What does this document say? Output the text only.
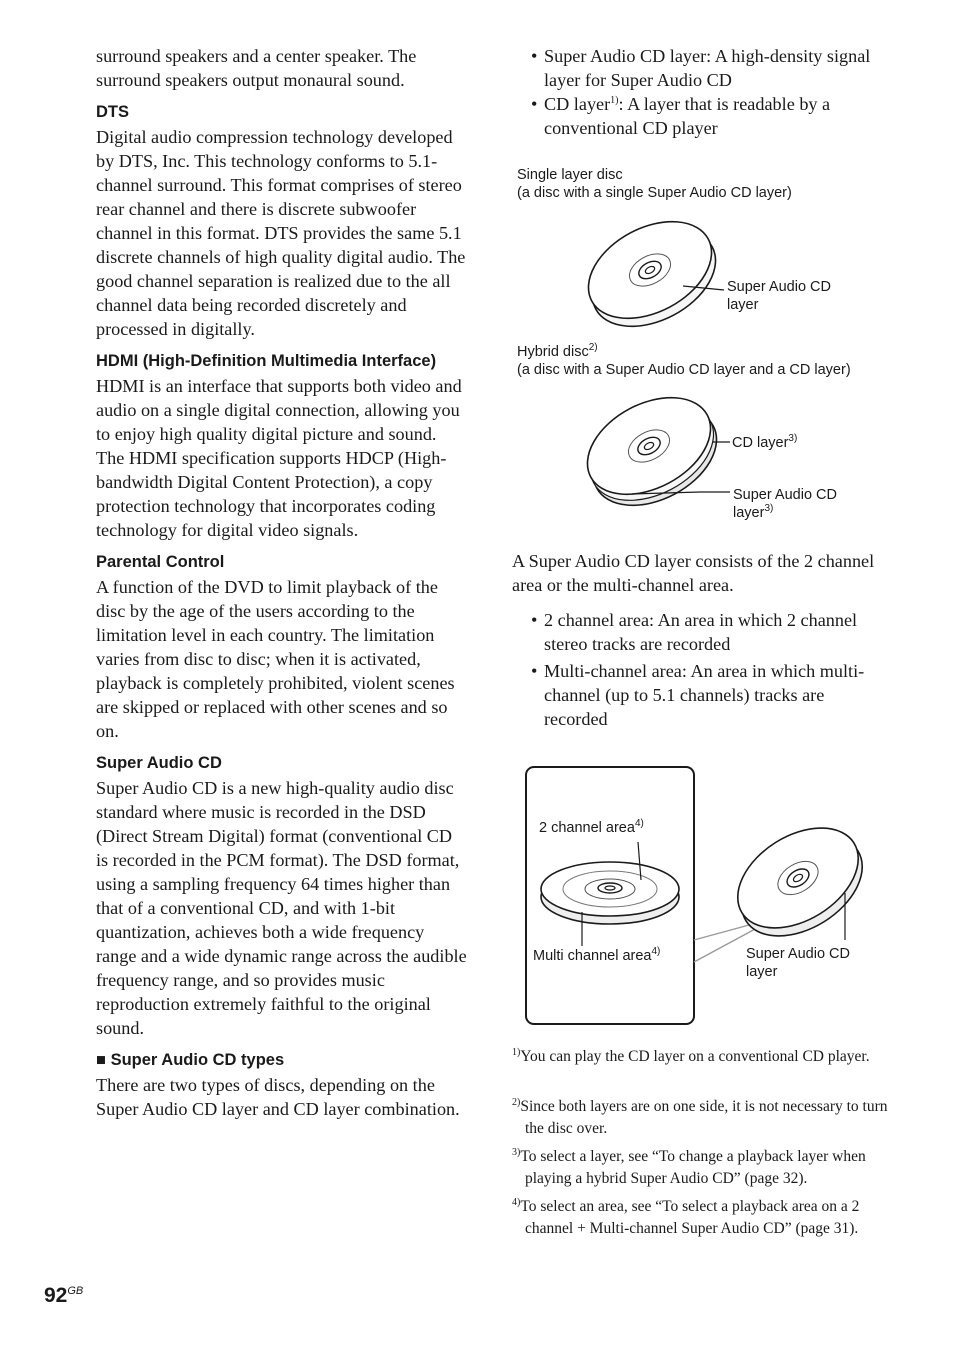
surround speakers and a center speaker. The surround speakers output monaural sound.

DTS

Digital audio compression technology developed by DTS, Inc. This technology conforms to 5.1-channel surround. This format comprises of stereo rear channel and there is discrete subwoofer channel in this format. DTS provides the same 5.1 discrete channels of high quality digital audio. The good channel separation is realized due to the all channel data being recorded discretely and processed in digitally.

HDMI (High-Definition Multimedia Interface)

HDMI is an interface that supports both video and audio on a single digital connection, allowing you to enjoy high quality digital picture and sound. The HDMI specification supports HDCP (High-bandwidth Digital Content Protection), a copy protection technology that incorporates coding technology for digital video signals.

Parental Control

A function of the DVD to limit playback of the disc by the age of the users according to the limitation level in each country. The limitation varies from disc to disc; when it is activated, playback is completely prohibited, violent scenes are skipped or replaced with other scenes and so on.

Super Audio CD

Super Audio CD is a new high-quality audio disc standard where music is recorded in the DSD (Direct Stream Digital) format (conventional CD is recorded in the PCM format). The DSD format, using a sampling frequency 64 times higher than that of a conventional CD, and with 1-bit quantization, achieves both a wide frequency range and a wide dynamic range across the audible frequency range, and so provides music reproduction extremely faithful to the original sound.

■ Super Audio CD types

There are two types of discs, depending on the Super Audio CD layer and CD layer combination.

• Super Audio CD layer: A high-density signal layer for Super Audio CD
• CD layer$^{1)}$: A layer that is readable by a conventional CD player
Single layer disc
(a disc with a single Super Audio CD layer)
Super Audio CD
layer
Hybrid disc$^{2)}$
(a disc with a Super Audio CD layer and a CD layer)
CD layer$^{3)}$
Super Audio CD
layer$^{3)}$

A Super Audio CD layer consists of the 2 channel area or the multi-channel area.

• 2 channel area: An area in which 2 channel stereo tracks are recorded
• Multi-channel area: An area in which multi-channel (up to 5.1 channels) tracks are recorded
2 channel area$^{4)}$
Multi channel area$^{4)}$	Super Audio CD
layer
$^{1)}$You can play the CD layer on a conventional CD player.
$^{2)}$Since both layers are on one side, it is not necessary to turn the disc over.
$^{3)}$To select a layer, see “To change a playback layer when playing a hybrid Super Audio CD” (page 32).
$^{4)}$To select an area, see “To select a playback area on a 2 channel + Multi-channel Super Audio CD” (page 31).
$92^{GB}$
